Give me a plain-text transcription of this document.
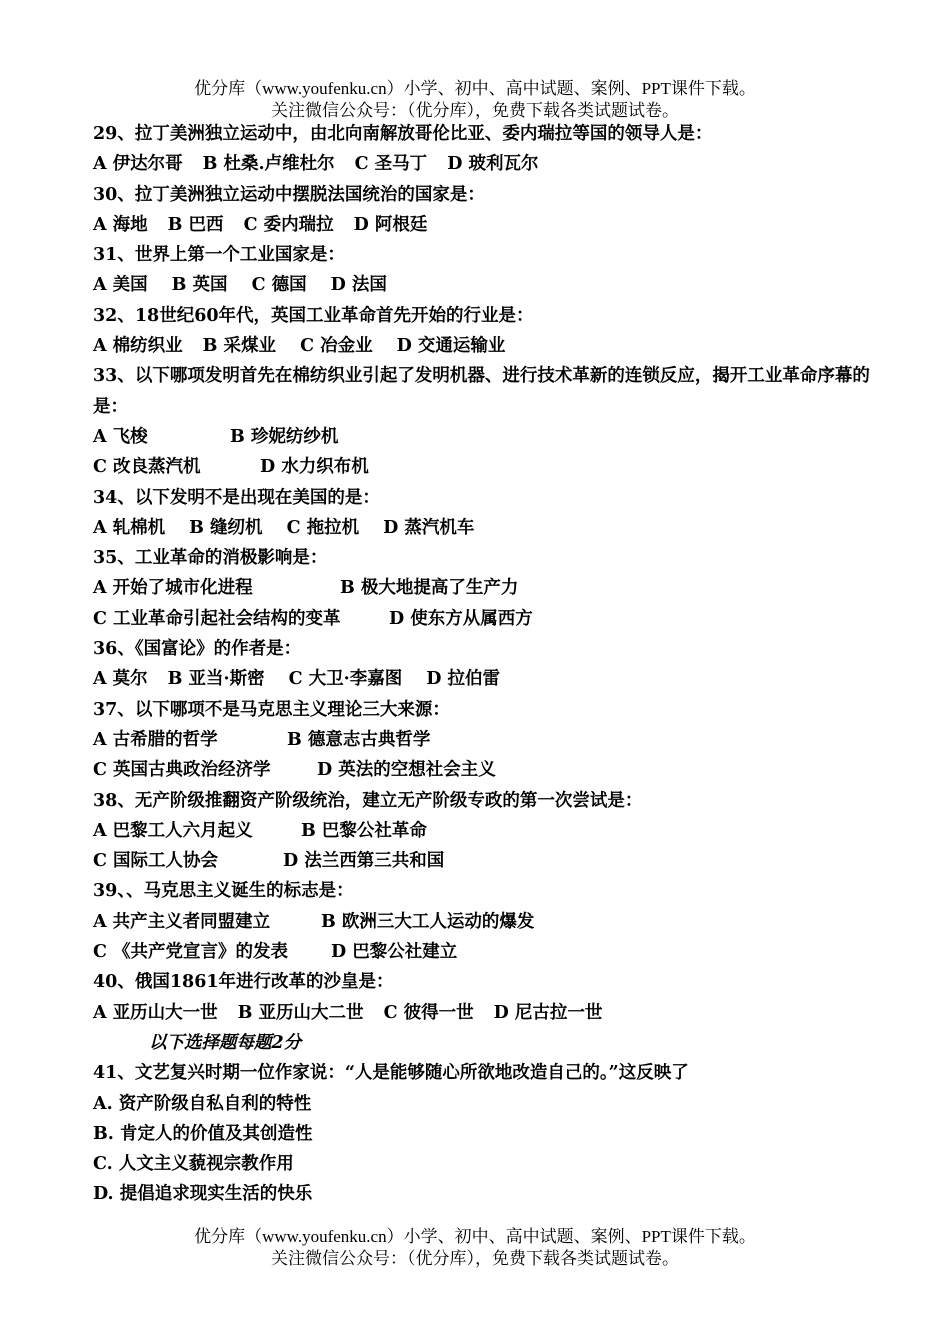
优分库（www.youfenku.cn）小学、初中、高中试题、案例、PPT课件下载。
关注微信公众号：（优分库），免费下载各类试题试卷。
29、拉丁美洲独立运动中，由北向南解放哥伦比亚、委内瑞拉等国的领导人是：
A 伊达尔哥 B 杜桑.卢维杜尔 C 圣马丁 D 玻利瓦尔
30、拉丁美洲独立运动中摆脱法国统治的国家是：
A 海地 B 巴西 C 委内瑞拉 D 阿根廷
31、世界上第一个工业国家是：
A 美国 B 英国 C 德国 D 法国
32、18世纪60年代，英国工业革命首先开始的行业是：
A 棉纺织业 B 采煤业 C 冶金业 D 交通运输业
33、以下哪项发明首先在棉纺织业引起了发明机器、进行技术革新的连锁反应，揭开工业革命序幕的是：
A 飞梭	B 珍妮纺纱机
C 改良蒸汽机	D 水力织布机
34、以下发明不是出现在美国的是：
A 轧棉机 B 缝纫机 C 拖拉机 D 蒸汽机车
35、工业革命的消极影响是：
A 开始了城市化进程	B 极大地提高了生产力
C 工业革命引起社会结构的变革	D 使东方从属西方
36、《国富论》的作者是：
A 莫尔 B 亚当·斯密 C 大卫·李嘉图 D 拉伯雷
37、以下哪项不是马克思主义理论三大来源：
A 古希腊的哲学	B 德意志古典哲学
C 英国古典政治经济学	D 英法的空想社会主义
38、无产阶级推翻资产阶级统治，建立无产阶级专政的第一次尝试是：
A 巴黎工人六月起义	B 巴黎公社革命
C 国际工人协会	D 法兰西第三共和国
39、、马克思主义诞生的标志是：
A 共产主义者同盟建立	B 欧洲三大工人运动的爆发
C 《共产党宣言》的发表 D 巴黎公社建立
40、俄国1861年进行改革的沙皇是：
A 亚历山大一世 B 亚历山大二世 C 彼得一世 D 尼古拉一世
以下选择题每题2分
41、文艺复兴时期一位作家说：“人是能够随心所欲地改造自己的。”这反映了
A. 资产阶级自私自利的特性
B. 肯定人的价值及其创造性
C. 人文主义藐视宗教作用
D. 提倡追求现实生活的快乐
优分库（www.youfenku.cn）小学、初中、高中试题、案例、PPT课件下载。
关注微信公众号：（优分库），免费下载各类试题试卷。
